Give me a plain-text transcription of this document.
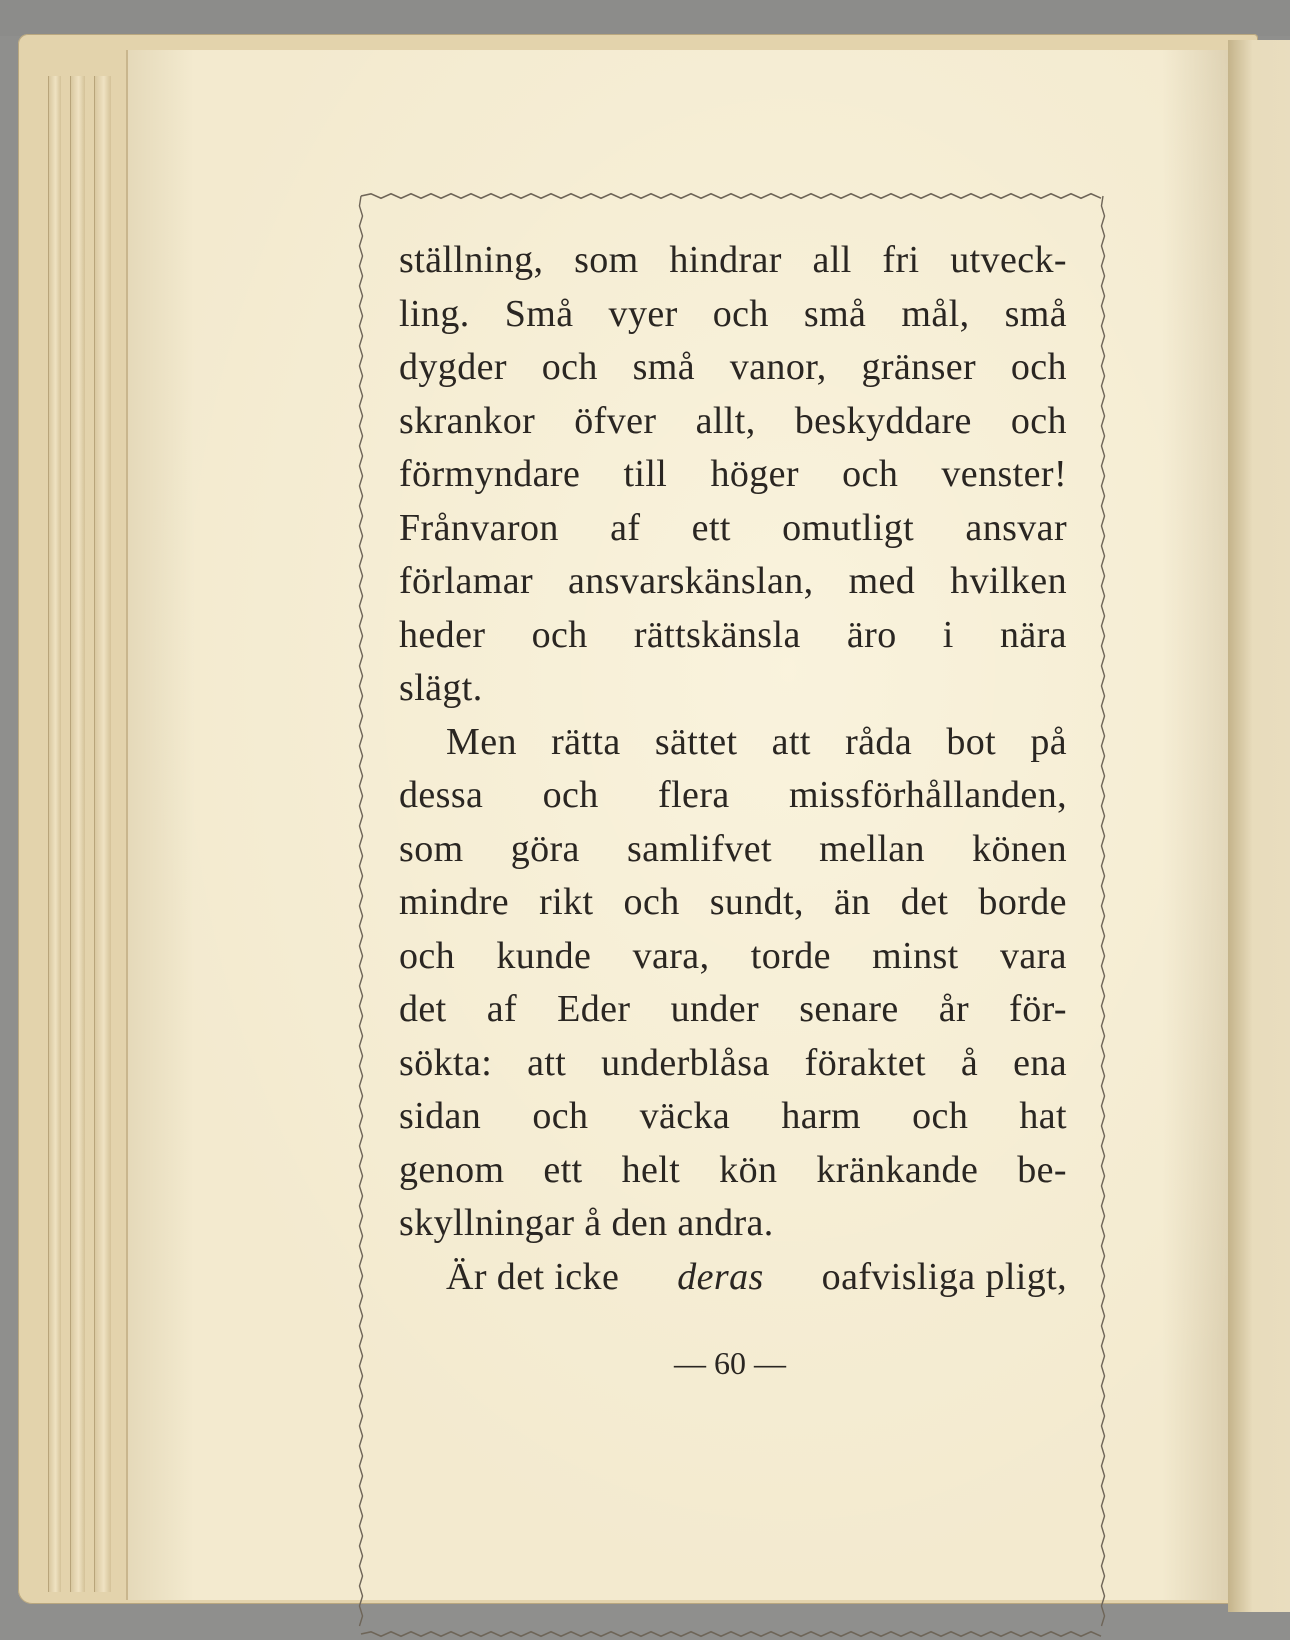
ställning, som hindrar all fri utveck-
ling. Små vyer och små mål, små
dygder och små vanor, gränser och
skrankor öfver allt, beskyddare och
förmyndare till höger och venster!
Frånvaron af ett omutligt ansvar
förlamar ansvarskänslan, med hvilken
heder och rättskänsla äro i nära
slägt.
Men rätta sättet att råda bot på
dessa och flera missförhållanden,
som göra samlifvet mellan könen
mindre rikt och sundt, än det borde
och kunde vara, torde minst vara
det af Eder under senare år för-
sökta: att underblåsa föraktet å ena
sidan och väcka harm och hat
genom ett helt kön kränkande be-
skyllningar å den andra.
Är det icke deras oafvisliga pligt,
— 60 —
